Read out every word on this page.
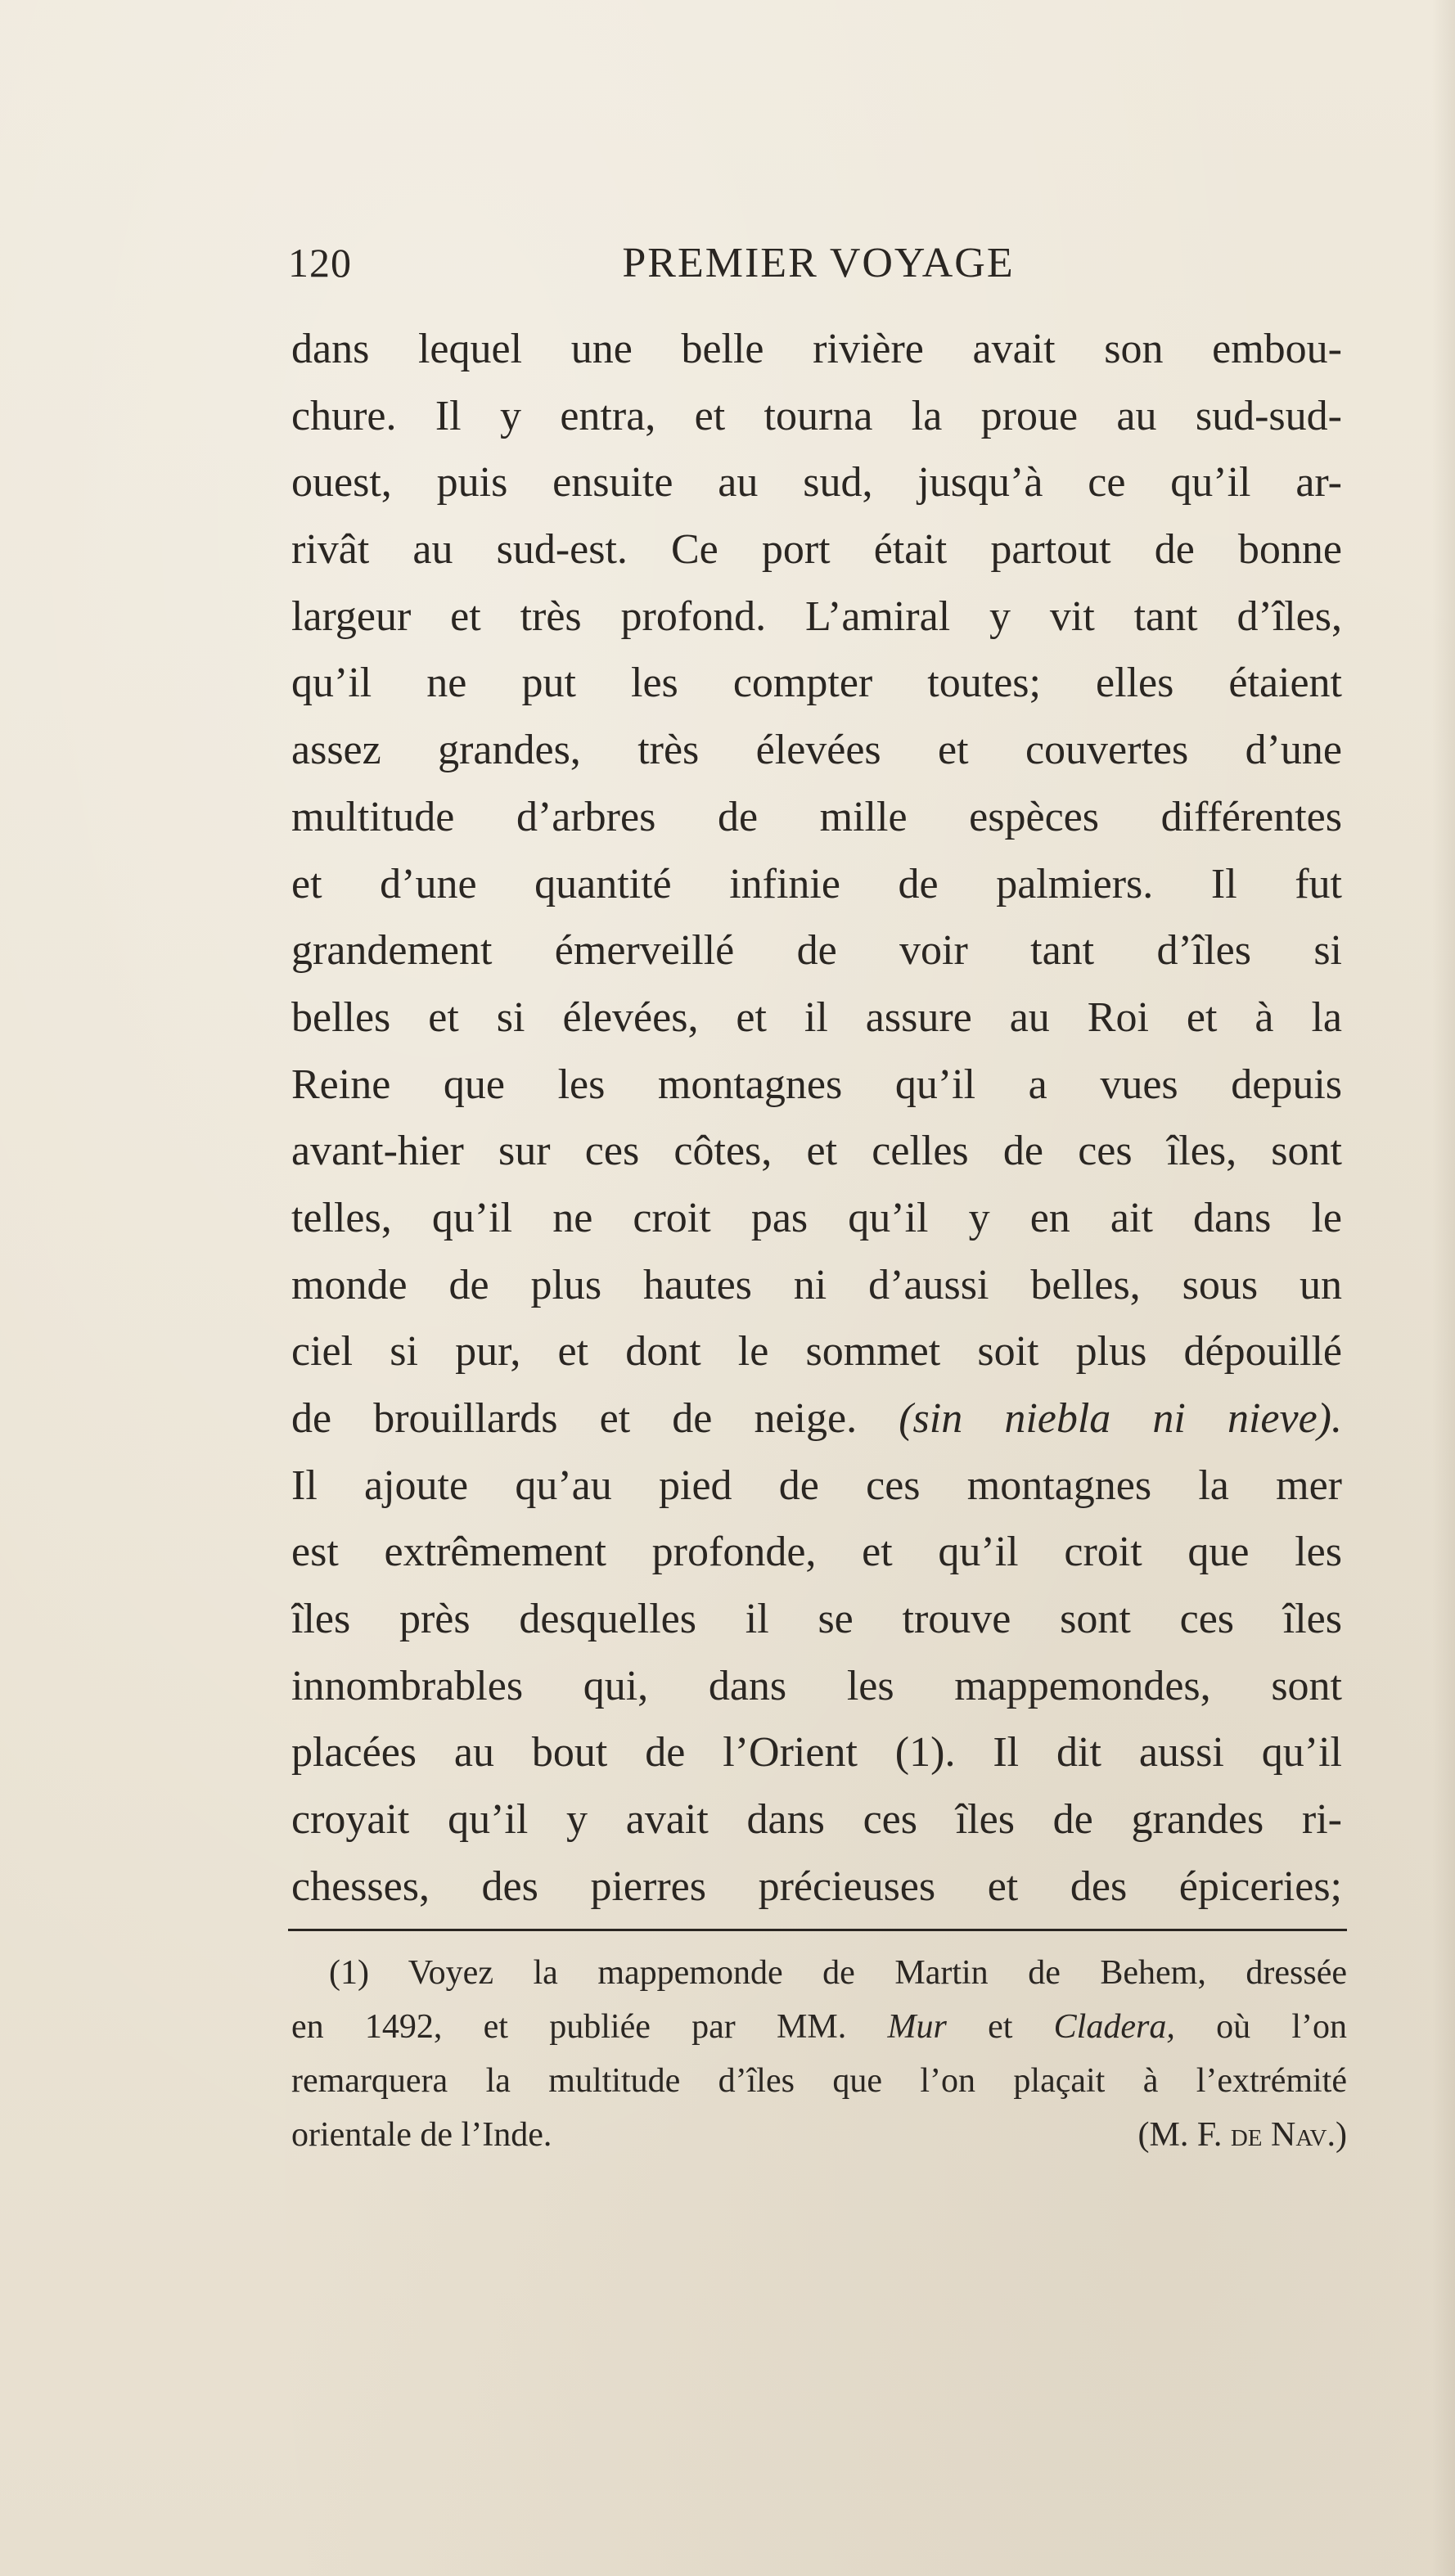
120	PREMIER VOYAGE
dans lequel une belle rivière avait son embou-
chure. Il y entra, et tourna la proue au sud-sud-
ouest, puis ensuite au sud, jusqu’à ce qu’il ar-
rivât au sud-est. Ce port était partout de bonne
largeur et très profond. L’amiral y vit tant d’îles,
qu’il ne put les compter toutes; elles étaient
assez grandes, très élevées et couvertes d’une
multitude d’arbres de mille espèces différentes
et d’une quantité infinie de palmiers. Il fut
grandement émerveillé de voir tant d’îles si
belles et si élevées, et il assure au Roi et à la
Reine que les montagnes qu’il a vues depuis
avant-hier sur ces côtes, et celles de ces îles, sont
telles, qu’il ne croit pas qu’il y en ait dans le
monde de plus hautes ni d’aussi belles, sous un
ciel si pur, et dont le sommet soit plus dépouillé
de brouillards et de neige. (sin niebla ni nieve).
Il ajoute qu’au pied de ces montagnes la mer
est extrêmement profonde, et qu’il croit que les
îles près desquelles il se trouve sont ces îles
innombrables qui, dans les mappemondes, sont
placées au bout de l’Orient (1). Il dit aussi qu’il
croyait qu’il y avait dans ces îles de grandes ri-
chesses, des pierres précieuses et des épiceries;
(1) Voyez la mappemonde de Martin de Behem, dressée
en 1492, et publiée par MM. Mur et Cladera, où l’on
remarquera la multitude d’îles que l’on plaçait à l’extrémité
orientale de l’Inde.	(M. F. de Nav.)
